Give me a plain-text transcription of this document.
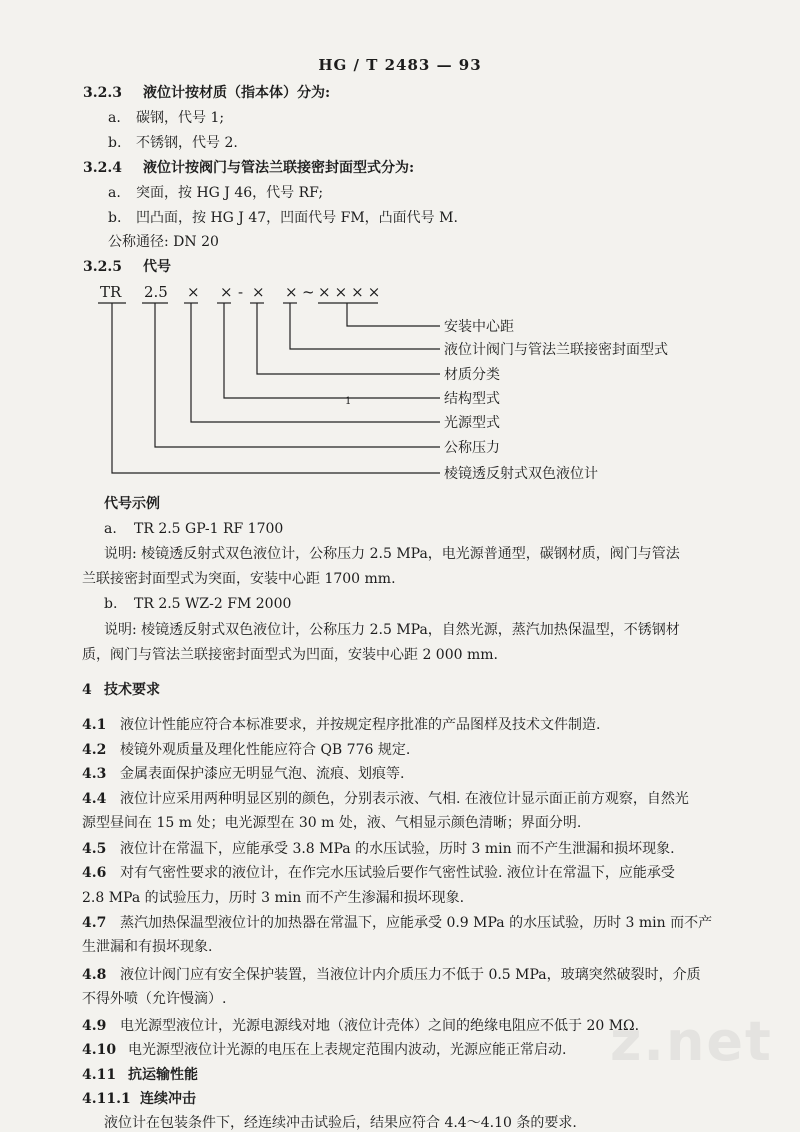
HG / T 2483 — 93
3.2.3 液位计按材质（指本体）分为:
a. 碳钢，代号 1;
b. 不锈钢，代号 2.
3.2.4 液位计按阀门与管法兰联接密封面型式分为:
a. 突面，按 HG J 46，代号 RF;
b. 凹凸面，按 HG J 47，凹面代号 FM，凸面代号 M.
公称通径: DN 20
3.2.5 代号
TR 2.5 × × - × × ~ ××××
1
安装中心距
液位计阀门与管法兰联接密封面型式
材质分类
结构型式
光源型式
公称压力
棱镜透反射式双色液位计
代号示例
a. TR 2.5 GP-1 RF 1700
说明: 棱镜透反射式双色液位计，公称压力 2.5 MPa，电光源普通型，碳钢材质，阀门与管法
兰联接密封面型式为突面，安装中心距 1700 mm.
b. TR 2.5 WZ-2 FM 2000
说明: 棱镜透反射式双色液位计，公称压力 2.5 MPa，自然光源，蒸汽加热保温型，不锈钢材
质，阀门与管法兰联接密封面型式为凹面，安装中心距 2 000 mm.
4 技术要求
4.1 液位计性能应符合本标准要求，并按规定程序批准的产品图样及技术文件制造.
4.2 棱镜外观质量及理化性能应符合 QB 776 规定.
4.3 金属表面保护漆应无明显气泡、流痕、划痕等.
4.4 液位计应采用两种明显区别的颜色，分别表示液、气相. 在液位计显示面正前方观察，自然光
源型昼间在 15 m 处；电光源型在 30 m 处，液、气相显示颜色清晰；界面分明.
4.5 液位计在常温下，应能承受 3.8 MPa 的水压试验，历时 3 min 而不产生泄漏和损坏现象.
4.6 对有气密性要求的液位计，在作完水压试验后要作气密性试验. 液位计在常温下，应能承受
2.8 MPa 的试验压力，历时 3 min 而不产生渗漏和损坏现象.
4.7 蒸汽加热保温型液位计的加热器在常温下，应能承受 0.9 MPa 的水压试验，历时 3 min 而不产
生泄漏和有损坏现象.
4.8 液位计阀门应有安全保护装置，当液位计内介质压力不低于 0.5 MPa，玻璃突然破裂时，介质
不得外喷（允许慢滴）.
4.9 电光源型液位计，光源电源线对地（液位计壳体）之间的绝缘电阻应不低于 20 MΩ.
4.10 电光源型液位计光源的电压在上表规定范围内波动，光源应能正常启动.
4.11 抗运输性能
4.11.1 连续冲击
液位计在包装条件下，经连续冲击试验后，结果应符合 4.4～4.10 条的要求.
z.net
